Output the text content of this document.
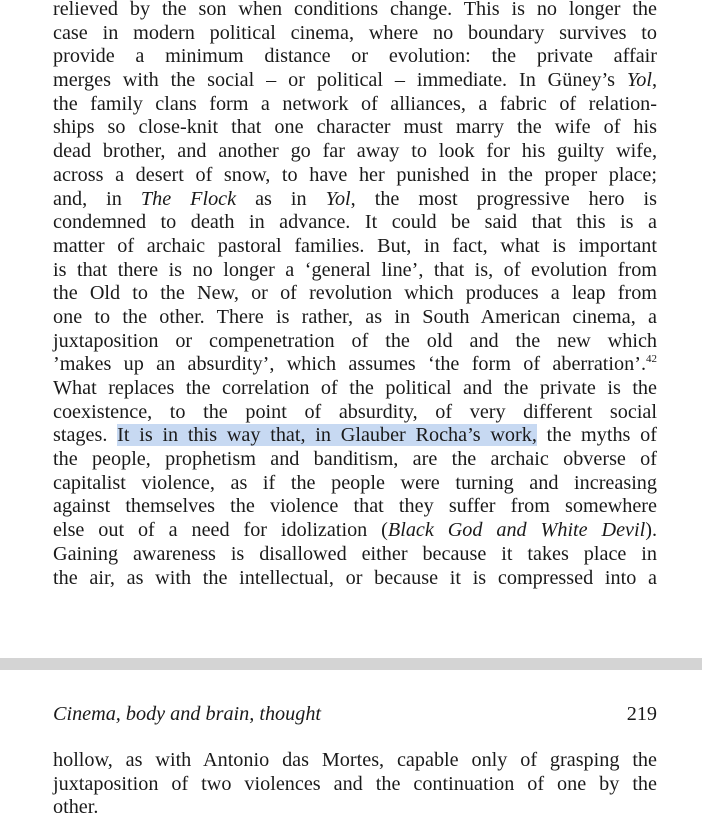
relieved by the son when conditions change. This is no longer the
case in modern political cinema, where no boundary survives to
provide a minimum distance or evolution: the private affair
merges with the social – or political – immediate. In Güney’s Yol,
the family clans form a network of alliances, a fabric of relation-
ships so close-knit that one character must marry the wife of his
dead brother, and another go far away to look for his guilty wife,
across a desert of snow, to have her punished in the proper place;
and, in The Flock as in Yol, the most progressive hero is
condemned to death in advance. It could be said that this is a
matter of archaic pastoral families. But, in fact, what is important
is that there is no longer a ‘general line’, that is, of evolution from
the Old to the New, or of revolution which produces a leap from
one to the other. There is rather, as in South American cinema, a
juxtaposition or compenetration of the old and the new which
’makes up an absurdity’, which assumes ‘the form of aberration’.$^{42}$
What replaces the correlation of the political and the private is the
coexistence, to the point of absurdity, of very different social
stages. It is in this way that, in Glauber Rocha’s work, the myths of
the people, prophetism and banditism, are the archaic obverse of
capitalist violence, as if the people were turning and increasing
against themselves the violence that they suffer from somewhere
else out of a need for idolization (Black God and White Devil).
Gaining awareness is disallowed either because it takes place in
the air, as with the intellectual, or because it is compressed into a
Cinema, body and brain, thought	219
hollow, as with Antonio das Mortes, capable only of grasping the
juxtaposition of two violences and the continuation of one by the
other.
